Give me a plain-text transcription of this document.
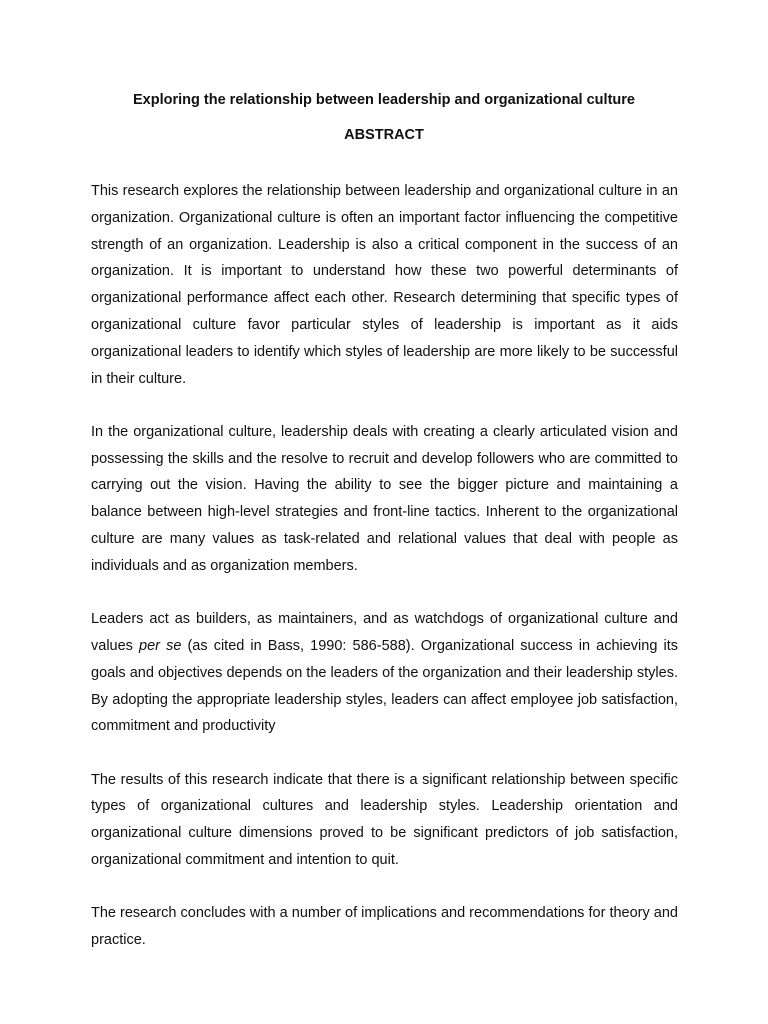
Exploring the relationship between leadership and organizational culture
ABSTRACT

This research explores the relationship between leadership and organizational culture in an organization. Organizational culture is often an important factor influencing the competitive strength of an organization. Leadership is also a critical component in the success of an organization. It is important to understand how these two powerful determinants of organizational performance affect each other. Research determining that specific types of organizational culture favor particular styles of leadership is important as it aids organizational leaders to identify which styles of leadership are more likely to be successful in their culture.

In the organizational culture, leadership deals with creating a clearly articulated vision and possessing the skills and the resolve to recruit and develop followers who are committed to carrying out the vision. Having the ability to see the bigger picture and maintaining a balance between high-level strategies and front-line tactics. Inherent to the organizational culture are many values as task-related and relational values that deal with people as individuals and as organization members.

Leaders act as builders, as maintainers, and as watchdogs of organizational culture and values per se (as cited in Bass, 1990: 586-588). Organizational success in achieving its goals and objectives depends on the leaders of the organization and their leadership styles. By adopting the appropriate leadership styles, leaders can affect employee job satisfaction, commitment and productivity

The results of this research indicate that there is a significant relationship between specific types of organizational cultures and leadership styles. Leadership orientation and organizational culture dimensions proved to be significant predictors of job satisfaction, organizational commitment and intention to quit.

The research concludes with a number of implications and recommendations for theory and practice.
